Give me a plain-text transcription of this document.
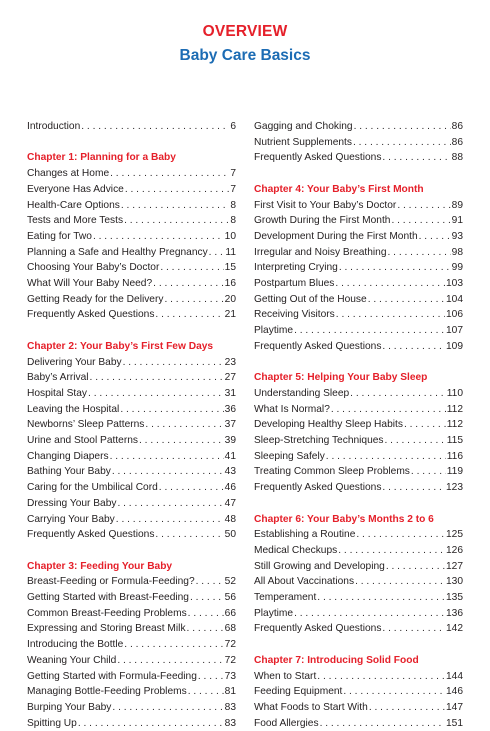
OVERVIEW
Baby Care Basics
Introduction . . .	6
Chapter 1: Planning for a Baby
Changes at Home . . .	7
Everyone Has Advice . . .	7
Health-Care Options . . .	8
Tests and More Tests . . .	8
Eating for Two . . .	10
Planning a Safe and Healthy Pregnancy . . . 11
Choosing Your Baby’s Doctor . . .	15
What Will Your Baby Need? . . .	16
Getting Ready for the Delivery . . .	20
Frequently Asked Questions . . .	21
Chapter 2: Your Baby’s First Few Days
Delivering Your Baby . . .	23
Baby’s Arrival . . .	27
Hospital Stay . . .	31
Leaving the Hospital . . .	36
Newborns’ Sleep Patterns . . .	37
Urine and Stool Patterns . . .	39
Changing Diapers . . .	41
Bathing Your Baby . . .	43
Caring for the Umbilical Cord . . .	46
Dressing Your Baby . . .	47
Carrying Your Baby . . .	48
Frequently Asked Questions . . .	50
Chapter 3: Feeding Your Baby
Breast-Feeding or Formula-Feeding? . . .	52
Getting Started with Breast-Feeding . . .	56
Common Breast-Feeding Problems . . .	66
Expressing and Storing Breast Milk . . .	68
Introducing the Bottle . . .	72
Weaning Your Child . . .	72
Getting Started with Formula-Feeding . . .	73
Managing Bottle-Feeding Problems . . .	81
Burping Your Baby . . .	83
Spitting Up . . .	83
Gagging and Choking . . .	86
Nutrient Supplements . . .	86
Frequently Asked Questions . . .	88
Chapter 4: Your Baby’s First Month
First Visit to Your Baby’s Doctor . . .	89
Growth During the First Month . . .	91
Development During the First Month . . .	93
Irregular and Noisy Breathing . . .	98
Interpreting Crying . . .	99
Postpartum Blues . . .	103
Getting Out of the House . . .	104
Receiving Visitors . . .	106
Playtime . . .	107
Frequently Asked Questions . . .	109
Chapter 5: Helping Your Baby Sleep
Understanding Sleep . . .	110
What Is Normal? . . .	112
Developing Healthy Sleep Habits . . .	112
Sleep-Stretching Techniques . . .	115
Sleeping Safely . . .	116
Treating Common Sleep Problems . . .	119
Frequently Asked Questions . . .	123
Chapter 6: Your Baby’s Months 2 to 6
Establishing a Routine . . .	125
Medical Checkups . . .	126
Still Growing and Developing . . .	127
All About Vaccinations . . .	130
Temperament . . .	135
Playtime . . .	136
Frequently Asked Questions . . .	142
Chapter 7: Introducing Solid Food
When to Start . . .	144
Feeding Equipment . . .	146
What Foods to Start With . . .	147
Food Allergies . . .	151
